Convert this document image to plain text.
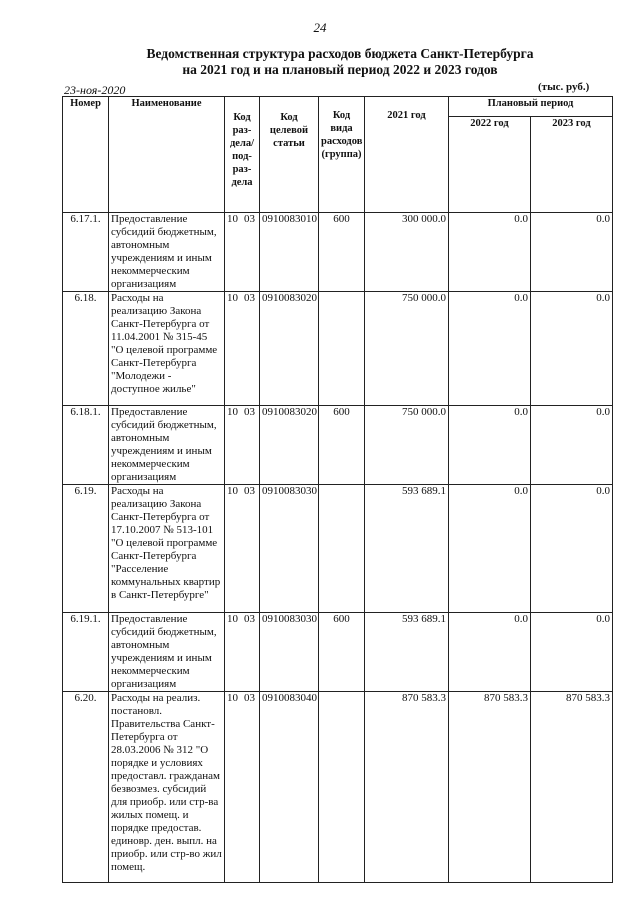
24
Ведомственная структура расходов бюджета Санкт-Петербурга
на 2021 год и на плановый период 2022 и 2023 годов
23-ноя-2020	(тыс. руб.)
Номер	Наименование	Код раз- дела/ под- раз- дела	Код целевой статьи	Код вида расходов (группа)	2021 год	Плановый период	
						2022 год	2023 год
6.17.1.	Предоставление субсидий бюджетным, автономным учреждениям и иным некоммерческим организациям	10 03	0910083010	600	300 000.0	0.0	0.0
6.18.	Расходы на реализацию Закона Санкт-Петербурга от 11.04.2001 № 315-45 "О целевой программе Санкт-Петербурга "Молодежи - доступное жилье"	10 03	0910083020		750 000.0	0.0	0.0
6.18.1.	Предоставление субсидий бюджетным, автономным учреждениям и иным некоммерческим организациям	10 03	0910083020	600	750 000.0	0.0	0.0
6.19.	Расходы на реализацию Закона Санкт-Петербурга от 17.10.2007 № 513-101 "О целевой программе Санкт-Петербурга "Расселение коммунальных квартир в Санкт-Петербурге"	10 03	0910083030		593 689.1	0.0	0.0
6.19.1.	Предоставление субсидий бюджетным, автономным учреждениям и иным некоммерческим организациям	10 03	0910083030	600	593 689.1	0.0	0.0
6.20.	Расходы на реализ. постановл. Правительства Санкт-Петербурга от 28.03.2006 № 312 "О порядке и условиях предоставл. гражданам безвозмез. субсидий для приобр. или стр-ва жилых помещ. и порядке предостав. единовр. ден. выпл. на приобр. или стр-во жил помещ.	10 03	0910083040		870 583.3	870 583.3	870 583.3
